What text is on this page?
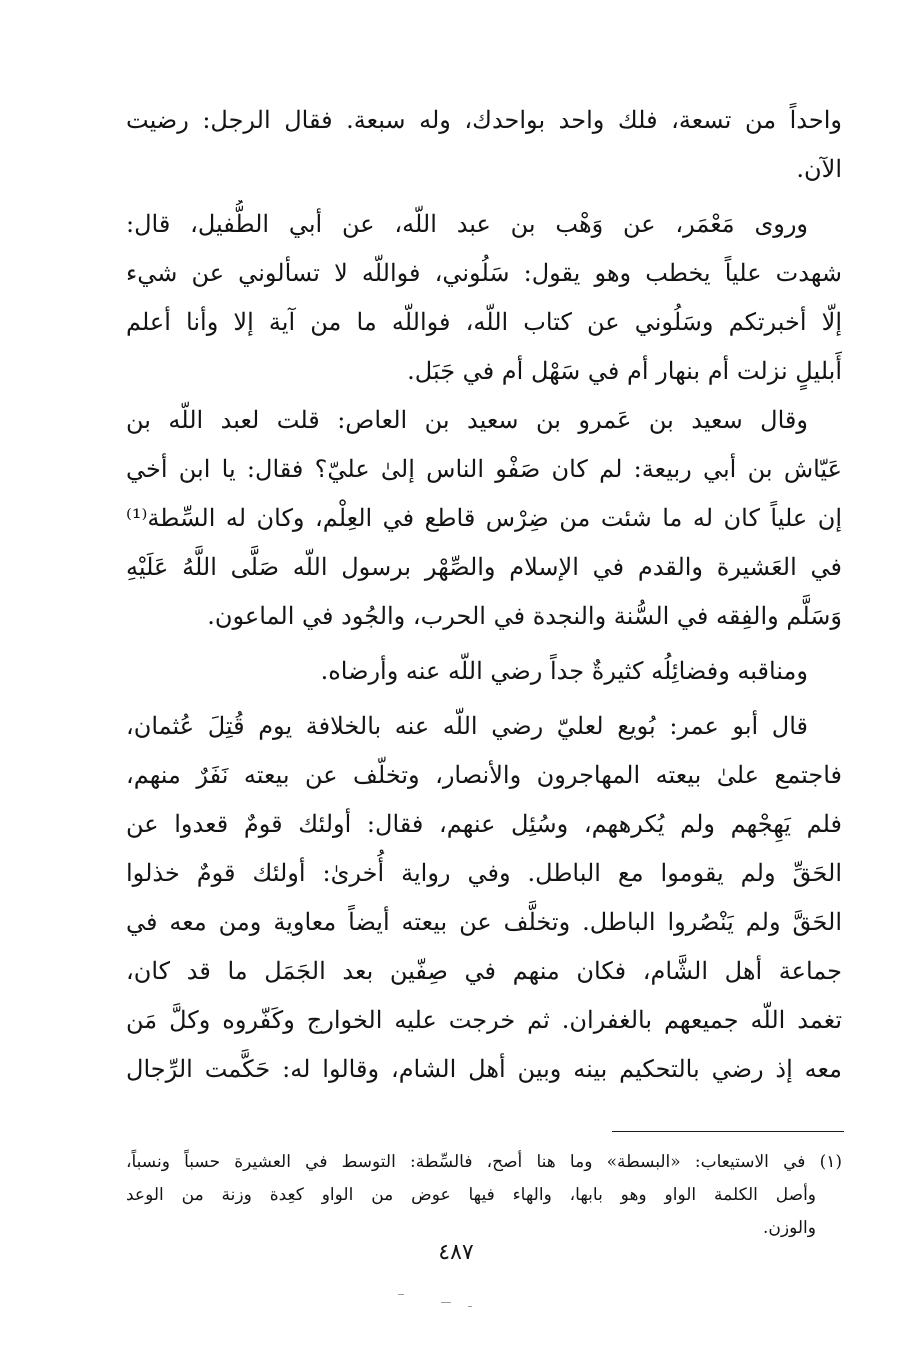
واحداً من تسعة، فلك واحد بواحدك، وله سبعة. فقال الرجل: رضيت
الآن.
وروى مَعْمَر، عن وَهْب بن عبد اللّه، عن أبي الطُّفيل، قال:
شهدت علياً يخطب وهو يقول: سَلُوني، فواللّه لا تسألوني عن شيء
إلّا أخبرتكم وسَلُوني عن كتاب اللّه، فواللّه ما من آية إلا وأنا أعلم
أَبليلٍ نزلت أم بنهار أم في سَهْل أم في جَبَل.
وقال سعيد بن عَمرو بن سعيد بن العاص: قلت لعبد اللّه بن
عَيّاش بن أبي ربيعة: لم كان صَفْو الناس إلىٰ عليّ؟ فقال: يا ابن أخي
إن علياً كان له ما شئت من ضِرْس قاطع في العِلْم، وكان له السِّطة⁽¹⁾
في العَشيرة والقدم في الإسلام والصِّهْر برسول اللّه صَلَّى اللَّهُ عَلَيْهِ
وَسَلَّم والفِقه في السُّنة والنجدة في الحرب، والجُود في الماعون.
ومناقبه وفضائِلُه كثيرةٌ جداً رضي اللّه عنه وأرضاه.
قال أبو عمر: بُويع لعليّ رضي اللّه عنه بالخلافة يوم قُتِلَ عُثمان،
فاجتمع علىٰ بيعته المهاجرون والأنصار، وتخلّف عن بيعته نَفَرٌ منهم،
فلم يَهِجْهم ولم يُكرههم، وسُئِل عنهم، فقال: أولئك قومٌ قعدوا عن
الحَقِّ ولم يقوموا مع الباطل. وفي رواية أُخرىٰ: أولئك قومٌ خذلوا
الحَقَّ ولم يَنْصُروا الباطل. وتخلَّف عن بيعته أيضاً معاوية ومن معه في
جماعة أهل الشَّام، فكان منهم في صِفّين بعد الجَمَل ما قد كان،
تغمد اللّه جميعهم بالغفران. ثم خرجت عليه الخوارج وكَفّروه وكلَّ مَن
معه إذ رضي بالتحكيم بينه وبين أهل الشام، وقالوا له: حَكَّمت الرِّجال
(١) في الاستيعاب: «البسطة» وما هنا أصح، فالسِّطة: التوسط في العشيرة حسباً ونسباً،
وأصل الكلمة الواو وهو بابها، والهاء فيها عوض من الواو كعِدة وزنة من الوعد
والوزن.
٤٨٧
